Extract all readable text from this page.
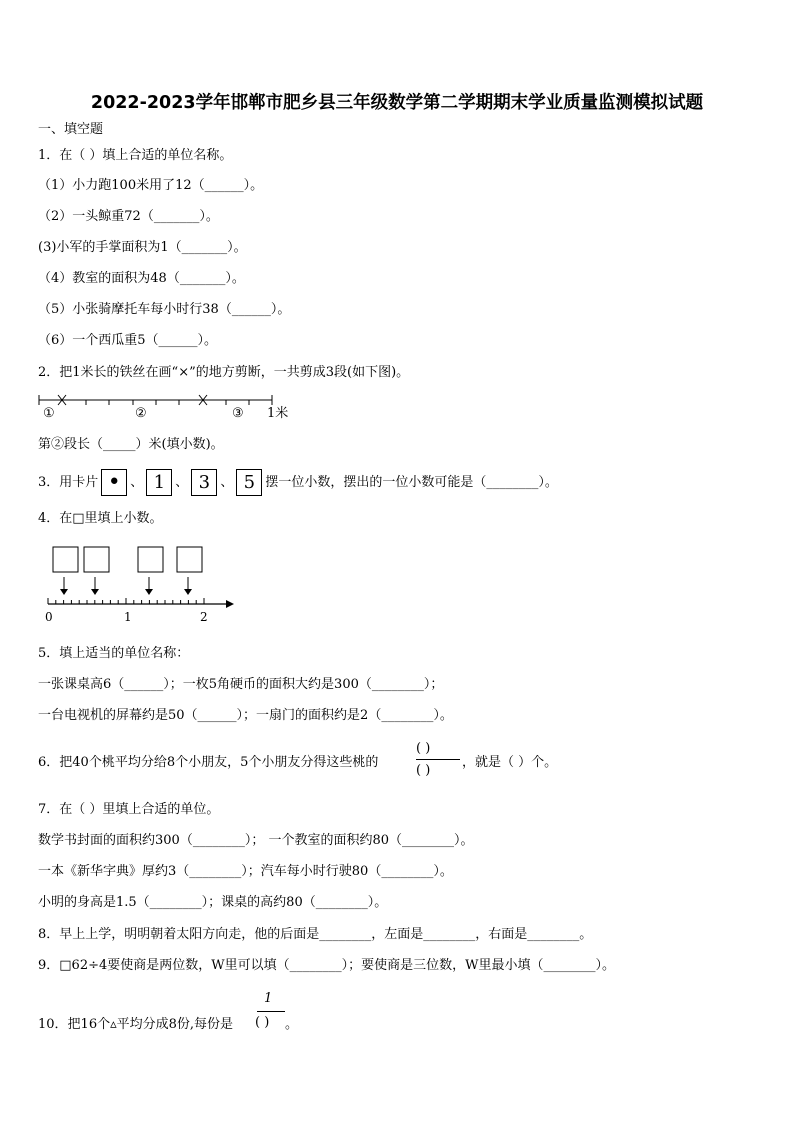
2022-2023学年邯郸市肥乡县三年级数学第二学期期末学业质量监测模拟试题
一、填空题
1．在（ ）填上合适的单位名称。
（1）小力跑100米用了12（______）。
（2）一头鲸重72（_______）。
(3)小军的手掌面积为1（_______）。
（4）教室的面积为48（_______）。
（5）小张骑摩托车每小时行38（______）。
（6）一个西瓜重5（______）。
2．把1米长的铁丝在画“×”的地方剪断，一共剪成3段(如下图)。
①	②	③ 1米
第②段长（_____）米(填小数)。
3．用卡片 • 、 1 、 3 、 5 摆一位小数，摆出的一位小数可能是（________）。
4．在□里填上小数。
0	1	2
5．填上适当的单位名称：
一张课桌高6（______）；一枚5角硬币的面积大约是300（________）；
一台电视机的屏幕约是50（______）；一扇门的面积约是2（________）。
6．把40个桃平均分给8个小朋友，5个小朋友分得这些桃的
( )
( )
，就是（ ）个。
7．在（ ）里填上合适的单位。
数学书封面的面积约300（________）； 一个教室的面积约80（________）。
一本《新华字典》厚约3（________）；汽车每小时行驶80（________）。
小明的身高是1.5（________）；课桌的高约80（________）。
8．早上上学，明明朝着太阳方向走，他的后面是________，左面是________，右面是________。
9．□62÷4要使商是两位数，W里可以填（________）；要使商是三位数，W里最小填（________）。
10．把16个▵平均分成8份,每份是
1
( ) 。
